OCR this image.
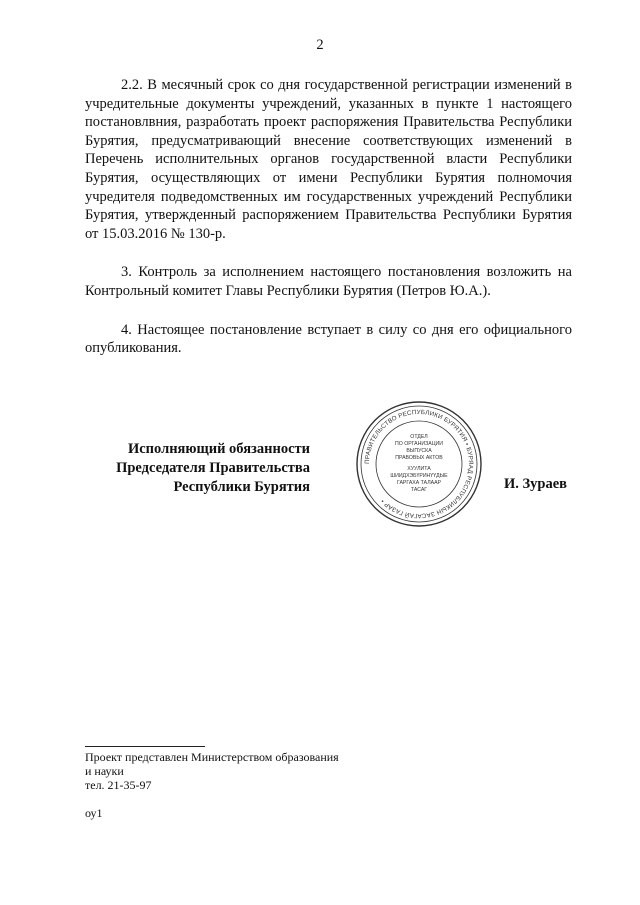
2

2.2. В месячный срок со дня государственной регистрации изменений в учредительные документы учреждений, указанных в пункте 1 настоящего постановлвния, разработать проект распоряжения Правительства Республики Бурятия, предусматривающий внесение соответствующих изменений в Перечень исполнительных органов государственной власти Республики Бурятия, осуществляющих от имени Республики Бурятия полномочия учредителя подведомственных им государственных учреждений Республики Бурятия, утвержденный распоряжением Правительства Республики Бурятия от 15.03.2016 № 130-р.

3. Контроль за исполнением настоящего постановления возложить на Контрольный комитет Главы Республики Бурятия (Петров Ю.А.).

4. Настоящее постановление вступает в силу со дня его официального опубликования.

Исполняющий обязанности
Председателя Правительства
Республики Бурятия
ПРАВИТЕЛЬСТВО РЕСПУБЛИКИ БУРЯТИЯ • БУРЯАД РЕСПУБЛИКЫН ЗАСАГАЙ ГАЗАР •
ОТДЕЛ
ПО ОРГАНИЗАЦИИ
ВЫПУСКА
ПРАВОВЫХ АКТОВ
ХУУЛИТА
ШИИДХЭБҮРИНҮҮДЫЕ
ГАРГАХА ТАЛААР
ТАСАГ	И. Зураев
Проект представлен Министерством образования
и науки
тел. 21-35-97
оу1
